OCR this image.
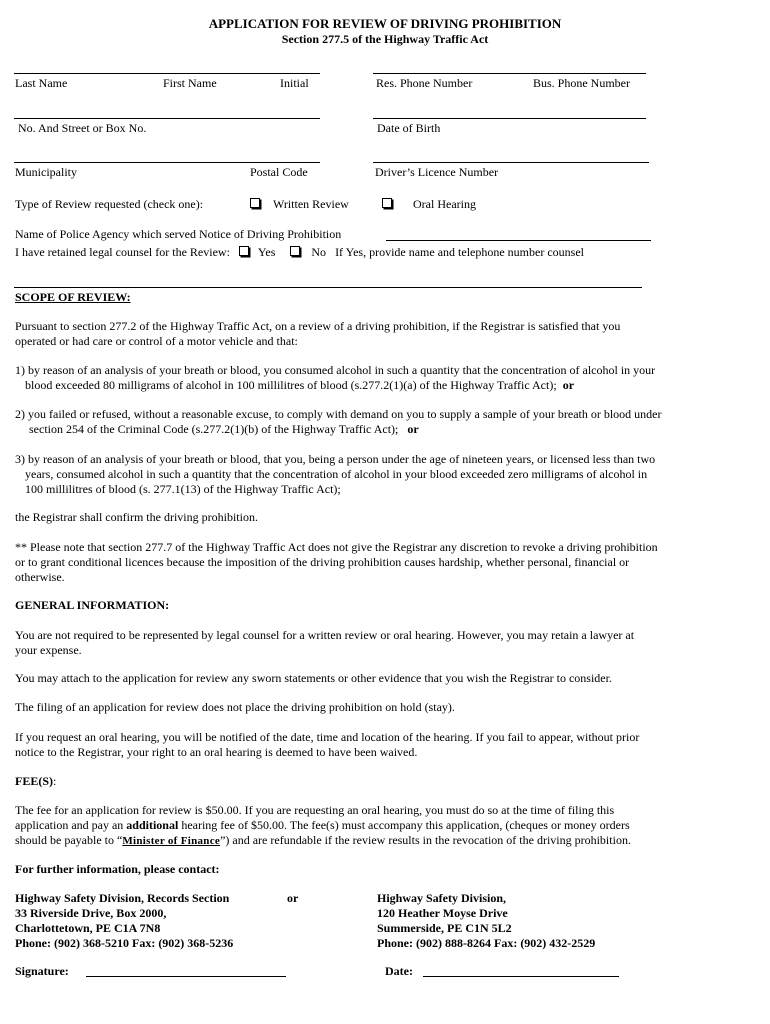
APPLICATION FOR REVIEW OF DRIVING PROHIBITION
Section 277.5 of the Highway Traffic Act
Last Name	First Name	Initial	Res. Phone Number	Bus. Phone Number
No. And Street or Box No.	Date of Birth
Municipality	Postal Code	Driver’s Licence Number
Type of Review requested (check one):	Written Review	Oral Hearing
Name of Police Agency which served Notice of Driving Prohibition
I have retained legal counsel for the Review: Yes	No If Yes, provide name and telephone number counsel
SCOPE OF REVIEW:

Pursuant to section 277.2 of the Highway Traffic Act, on a review of a driving prohibition, if the Registrar is satisfied that you

operated or had care or control of a motor vehicle and that:

1) by reason of an analysis of your breath or blood, you consumed alcohol in such a quantity that the concentration of alcohol in your

blood exceeded 80 milligrams of alcohol in 100 millilitres of blood (s.277.2(1)(a) of the Highway Traffic Act); or

2) you failed or refused, without a reasonable excuse, to comply with demand on you to supply a sample of your breath or blood under

section 254 of the Criminal Code (s.277.2(1)(b) of the Highway Traffic Act); or

3) by reason of an analysis of your breath or blood, that you, being a person under the age of nineteen years, or licensed less than two

years, consumed alcohol in such a quantity that the concentration of alcohol in your blood exceeded zero milligrams of alcohol in

100 millilitres of blood (s. 277.1(13) of the Highway Traffic Act);

the Registrar shall confirm the driving prohibition.

** Please note that section 277.7 of the Highway Traffic Act does not give the Registrar any discretion to revoke a driving prohibition

or to grant conditional licences because the imposition of the driving prohibition causes hardship, whether personal, financial or

otherwise.

GENERAL INFORMATION:

You are not required to be represented by legal counsel for a written review or oral hearing. However, you may retain a lawyer at

your expense.

You may attach to the application for review any sworn statements or other evidence that you wish the Registrar to consider.
The filing of an application for review does not place the driving prohibition on hold (stay).

If you request an oral hearing, you will be notified of the date, time and location of the hearing. If you fail to appear, without prior

notice to the Registrar, your right to an oral hearing is deemed to have been waived.

FEE(S):

The fee for an application for review is $50.00. If you are requesting an oral hearing, you must do so at the time of filing this

application and pay an additional hearing fee of $50.00. The fee(s) must accompany this application, (cheques or money orders

should be payable to “Minister of Finance”) and are refundable if the review results in the revocation of the driving prohibition.

For further information, please contact:
Highway Safety Division, Records Section
33 Riverside Drive, Box 2000,
Charlottetown, PE C1A 7N8
Phone: (902) 368-5210 Fax: (902) 368-5236
or	Highway Safety Division,
120 Heather Moyse Drive
Summerside, PE C1N 5L2
Phone: (902) 888-8264 Fax: (902) 432-2529
Signature:	Date:
